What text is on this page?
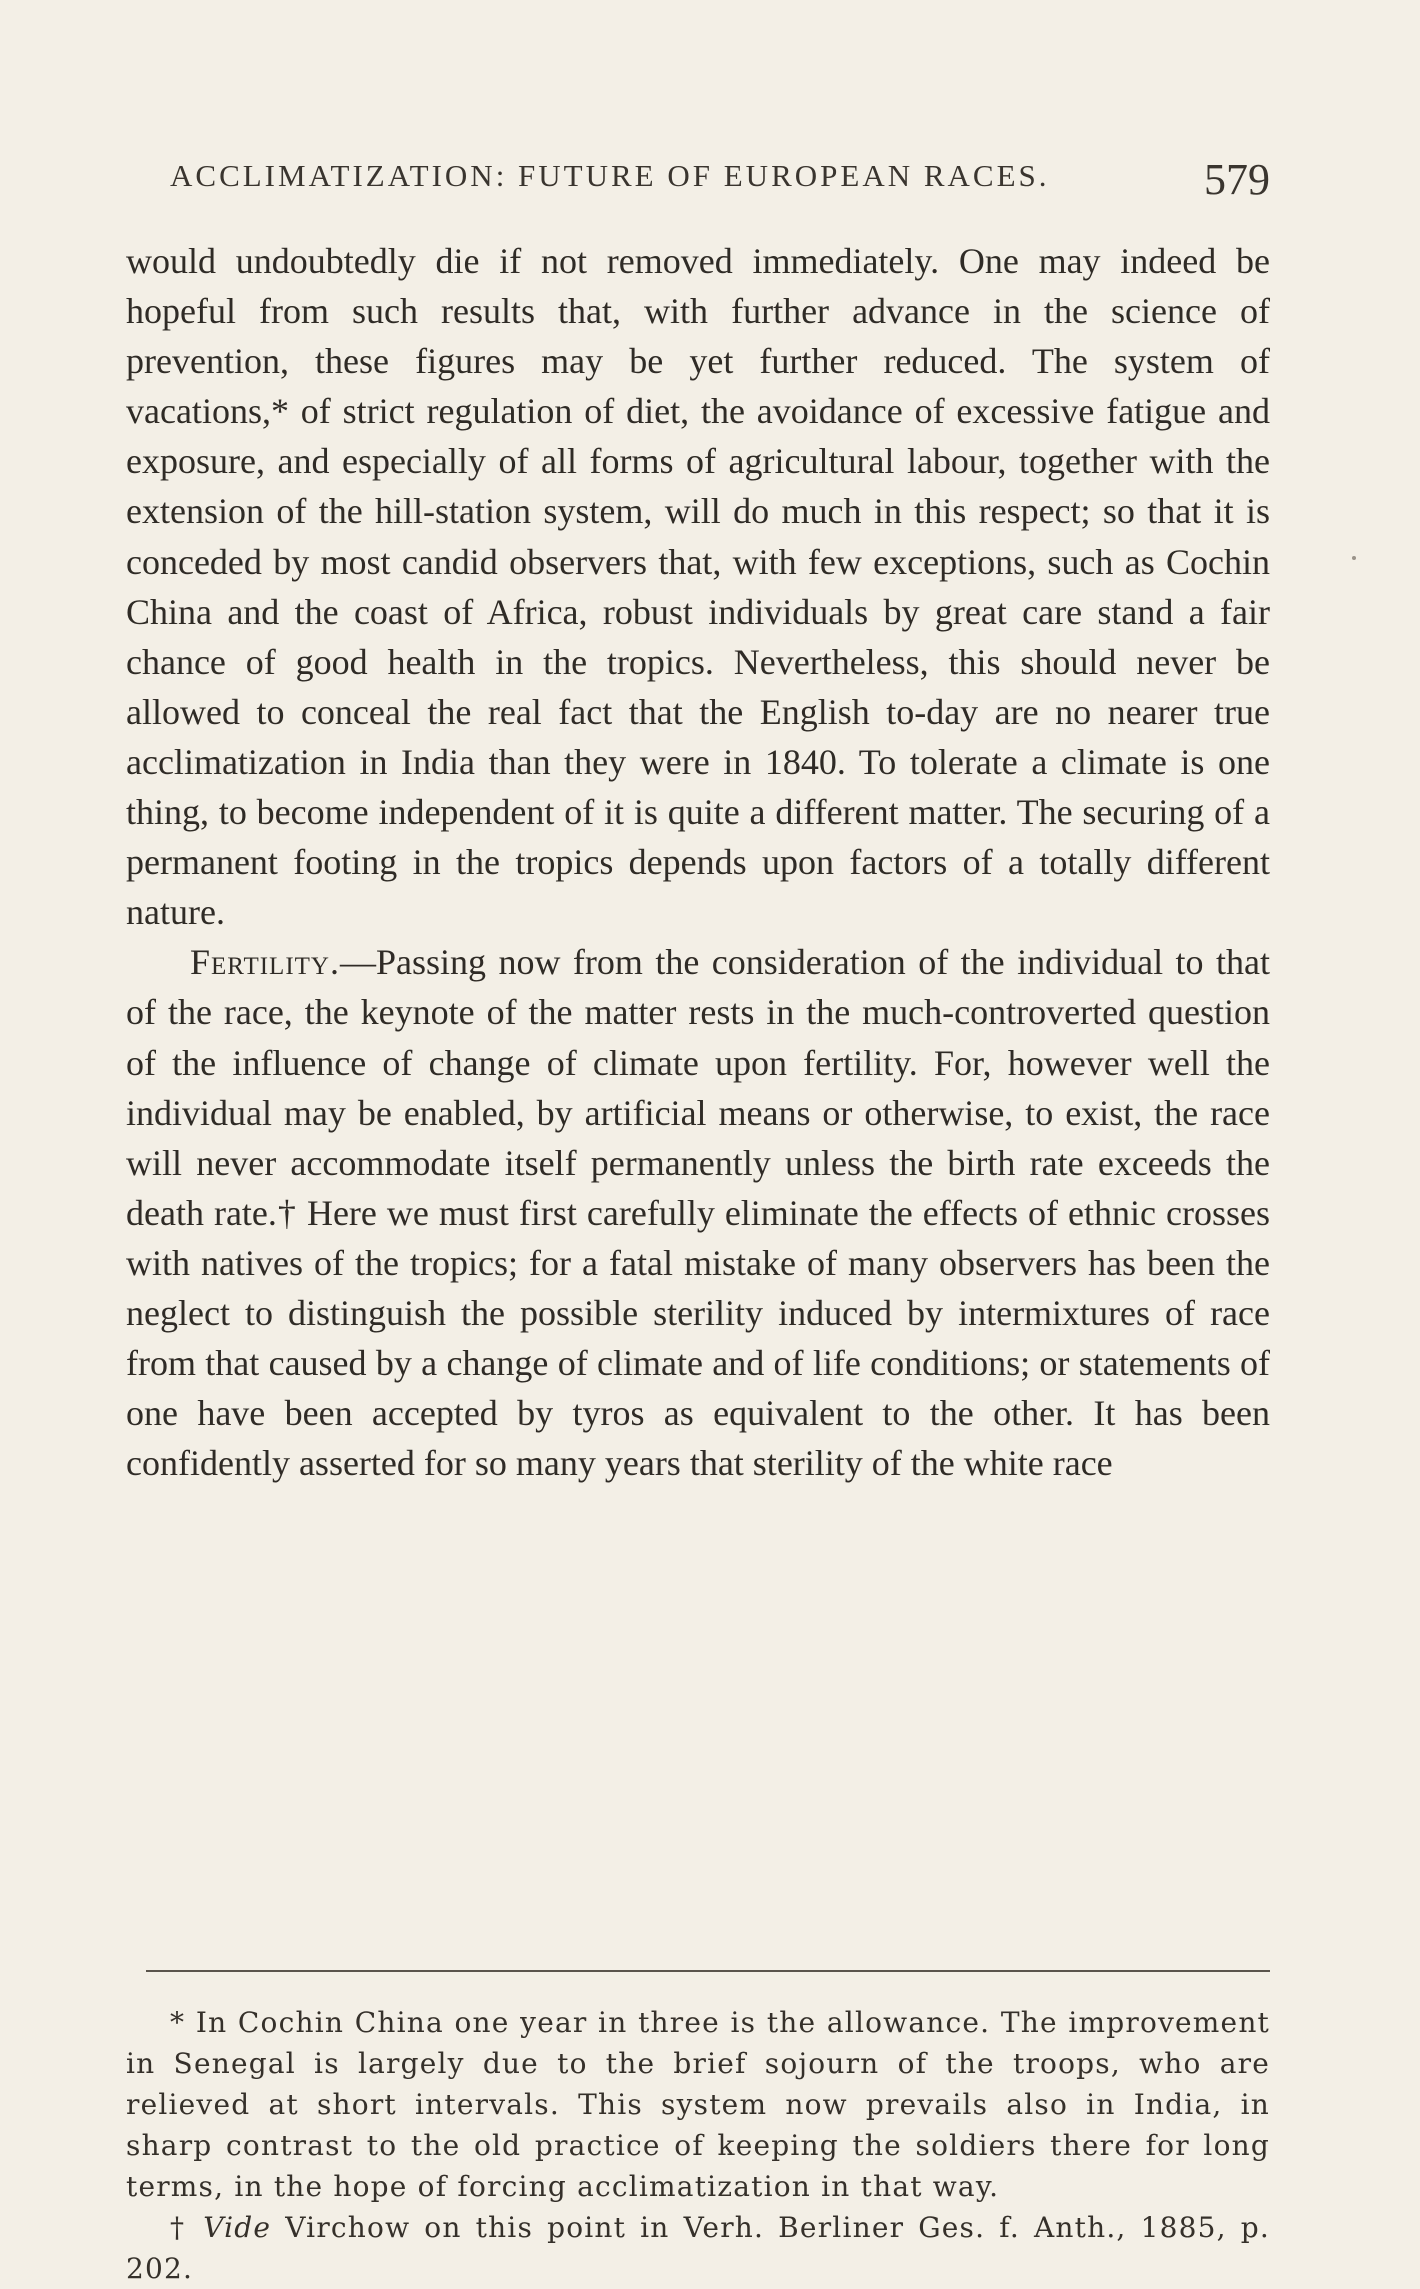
ACCLIMATIZATION: FUTURE OF EUROPEAN RACES.	579

would undoubtedly die if not removed immediately. One may indeed be hopeful from such results that, with further advance in the science of prevention, these figures may be yet further reduced. The system of vacations,* of strict regulation of diet, the avoidance of excessive fatigue and exposure, and especially of all forms of agricultural labour, together with the extension of the hill-station system, will do much in this respect; so that it is conceded by most candid observers that, with few exceptions, such as Cochin China and the coast of Africa, robust individuals by great care stand a fair chance of good health in the tropics. Nevertheless, this should never be allowed to conceal the real fact that the English to-day are no nearer true acclimatization in India than they were in 1840. To tolerate a climate is one thing, to become independent of it is quite a different matter. The securing of a permanent footing in the tropics depends upon factors of a totally different nature.

Fertility.—Passing now from the consideration of the individual to that of the race, the keynote of the matter rests in the much-controverted question of the influence of change of climate upon fertility. For, however well the individual may be enabled, by artificial means or otherwise, to exist, the race will never accommodate itself permanently unless the birth rate exceeds the death rate.† Here we must first carefully eliminate the effects of ethnic crosses with natives of the tropics; for a fatal mistake of many observers has been the neglect to distinguish the possible sterility induced by intermixtures of race from that caused by a change of climate and of life conditions; or statements of one have been accepted by tyros as equivalent to the other. It has been confidently asserted for so many years that sterility of the white race

* In Cochin China one year in three is the allowance. The improvement in Senegal is largely due to the brief sojourn of the troops, who are relieved at short intervals. This system now prevails also in India, in sharp contrast to the old practice of keeping the soldiers there for long terms, in the hope of forcing acclimatization in that way.

† Vide Virchow on this point in Verh. Berliner Ges. f. Anth., 1885, p. 202.
